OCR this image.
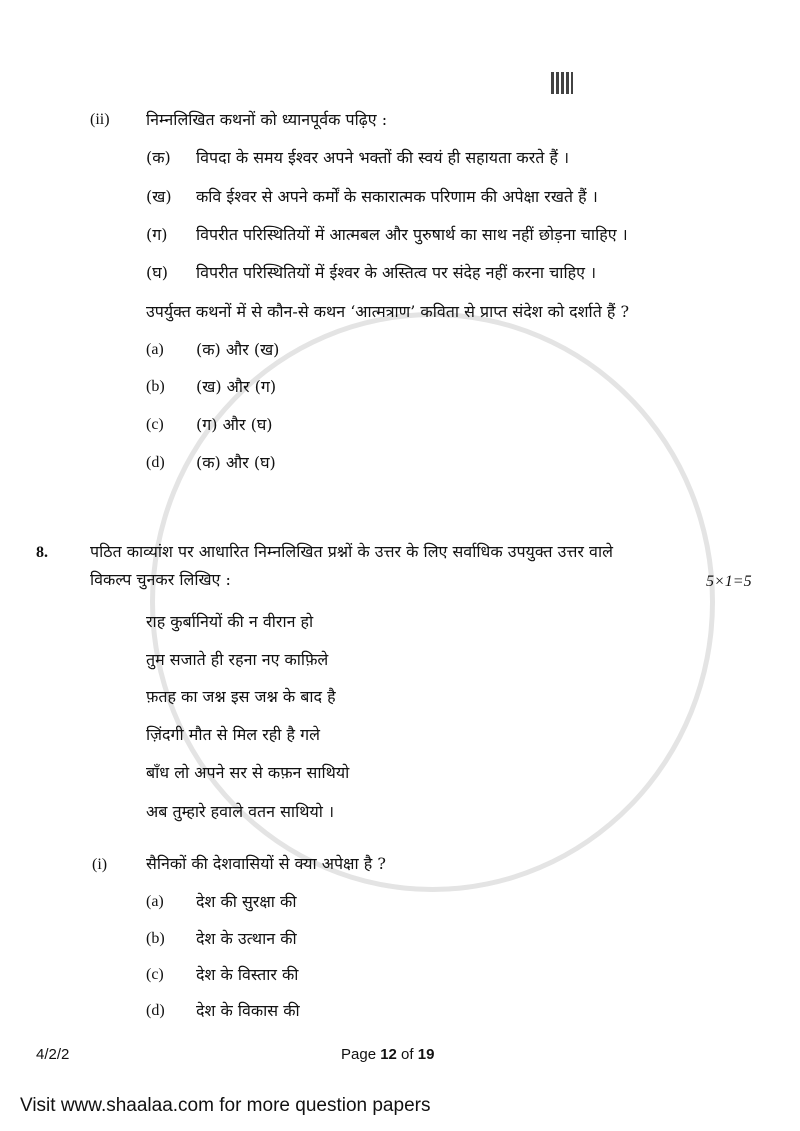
(ii) निम्नलिखित कथनों को ध्यानपूर्वक पढ़िए :
(क) विपदा के समय ईश्वर अपने भक्तों की स्वयं ही सहायता करते हैं ।
(ख) कवि ईश्वर से अपने कर्मों के सकारात्मक परिणाम की अपेक्षा रखते हैं ।
(ग) विपरीत परिस्थितियों में आत्मबल और पुरुषार्थ का साथ नहीं छोड़ना चाहिए ।
(घ) विपरीत परिस्थितियों में ईश्वर के अस्तित्व पर संदेह नहीं करना चाहिए ।
उपर्युक्त कथनों में से कौन-से कथन ‘आत्मत्राण’ कविता से प्राप्त संदेश को दर्शाते हैं ?
(a) (क) और (ख)
(b) (ख) और (ग)
(c) (ग) और (घ)
(d) (क) और (घ)
8.	पठित काव्यांश पर आधारित निम्नलिखित प्रश्नों के उत्तर के लिए सर्वाधिक उपयुक्त उत्तर वाले
विकल्प चुनकर लिखिए :	5×1=5
राह कुर्बानियों की न वीरान हो
तुम सजाते ही रहना नए काफ़िले
फ़तह का जश्न इस जश्न के बाद है
ज़िंदगी मौत से मिल रही है गले
बाँध लो अपने सर से कफ़न साथियो
अब तुम्हारे हवाले वतन साथियो ।
(i) सैनिकों की देशवासियों से क्या अपेक्षा है ?
(a) देश की सुरक्षा की
(b) देश के उत्थान की
(c) देश के विस्तार की
(d) देश के विकास की
4/2/2	Page 12 of 19
Visit www.shaalaa.com for more question papers
